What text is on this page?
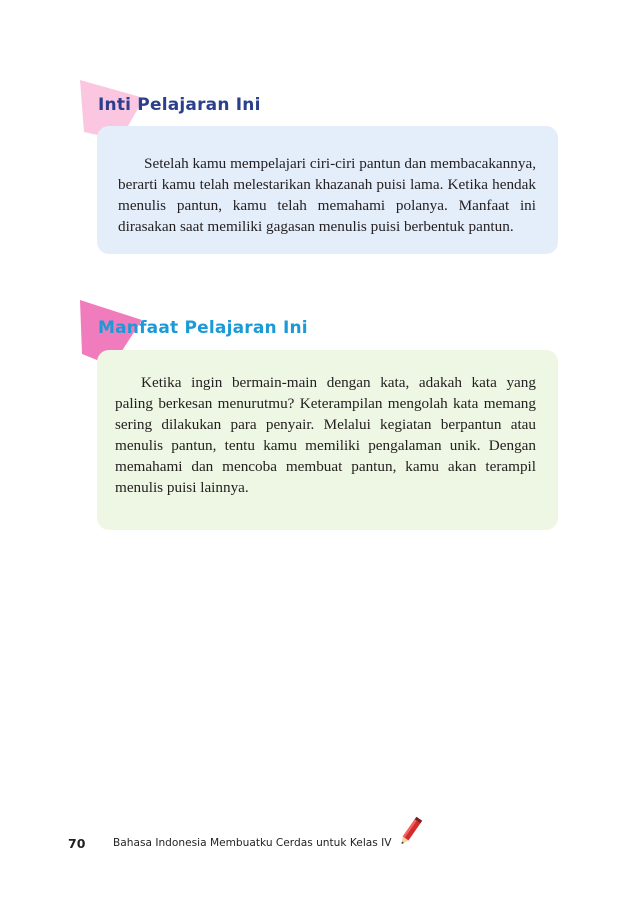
Setelah kamu mempelajari ciri-ciri pantun dan membacakannya, berarti kamu telah melestarikan khazanah puisi lama. Ketika hendak menulis pantun, kamu telah memahami polanya. Manfaat ini dirasakan saat memiliki gagasan menulis puisi berbentuk pantun.

Inti Pelajaran Ini

Ketika ingin bermain-main dengan kata, adakah kata yang paling berkesan menurutmu? Keterampilan mengolah kata memang sering dilakukan para penyair. Melalui kegiatan berpantun atau menulis pantun, tentu kamu memiliki pengalaman unik. Dengan memahami dan mencoba membuat pantun, kamu akan terampil menulis puisi lainnya.

Manfaat Pelajaran Ini
70	Bahasa Indonesia Membuatku Cerdas untuk Kelas IV
